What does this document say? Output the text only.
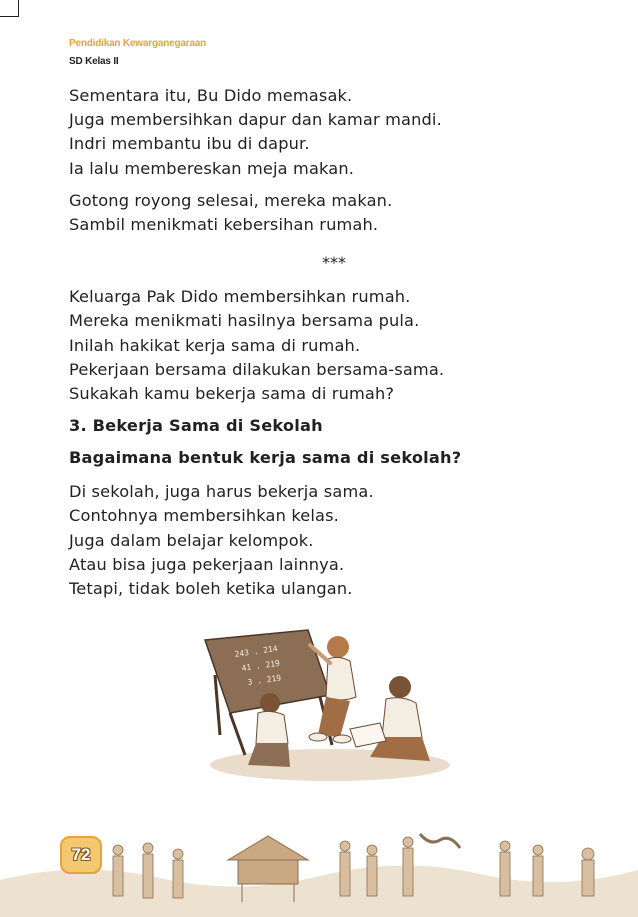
Pendidikan Kewarganegaraan
SD Kelas II
Sementara itu, Bu Dido memasak.
Juga membersihkan dapur dan kamar mandi.
Indri membantu ibu di dapur.
Ia lalu membereskan meja makan.
Gotong royong selesai, mereka makan.
Sambil menikmati kebersihan rumah.
***
Keluarga Pak Dido membersihkan rumah.
Mereka menikmati hasilnya bersama pula.
Inilah hakikat kerja sama di rumah.
Pekerjaan bersama dilakukan bersama-sama.
Sukakah kamu bekerja sama di rumah?
3. Bekerja Sama di Sekolah
Bagaimana bentuk kerja sama di sekolah?
Di sekolah, juga harus bekerja sama.
Contohnya membersihkan kelas.
Juga dalam belajar kelompok.
Atau bisa juga pekerjaan lainnya.
Tetapi, tidak boleh ketika ulangan.
243 . 214
41 . 219
3 . 219
72
